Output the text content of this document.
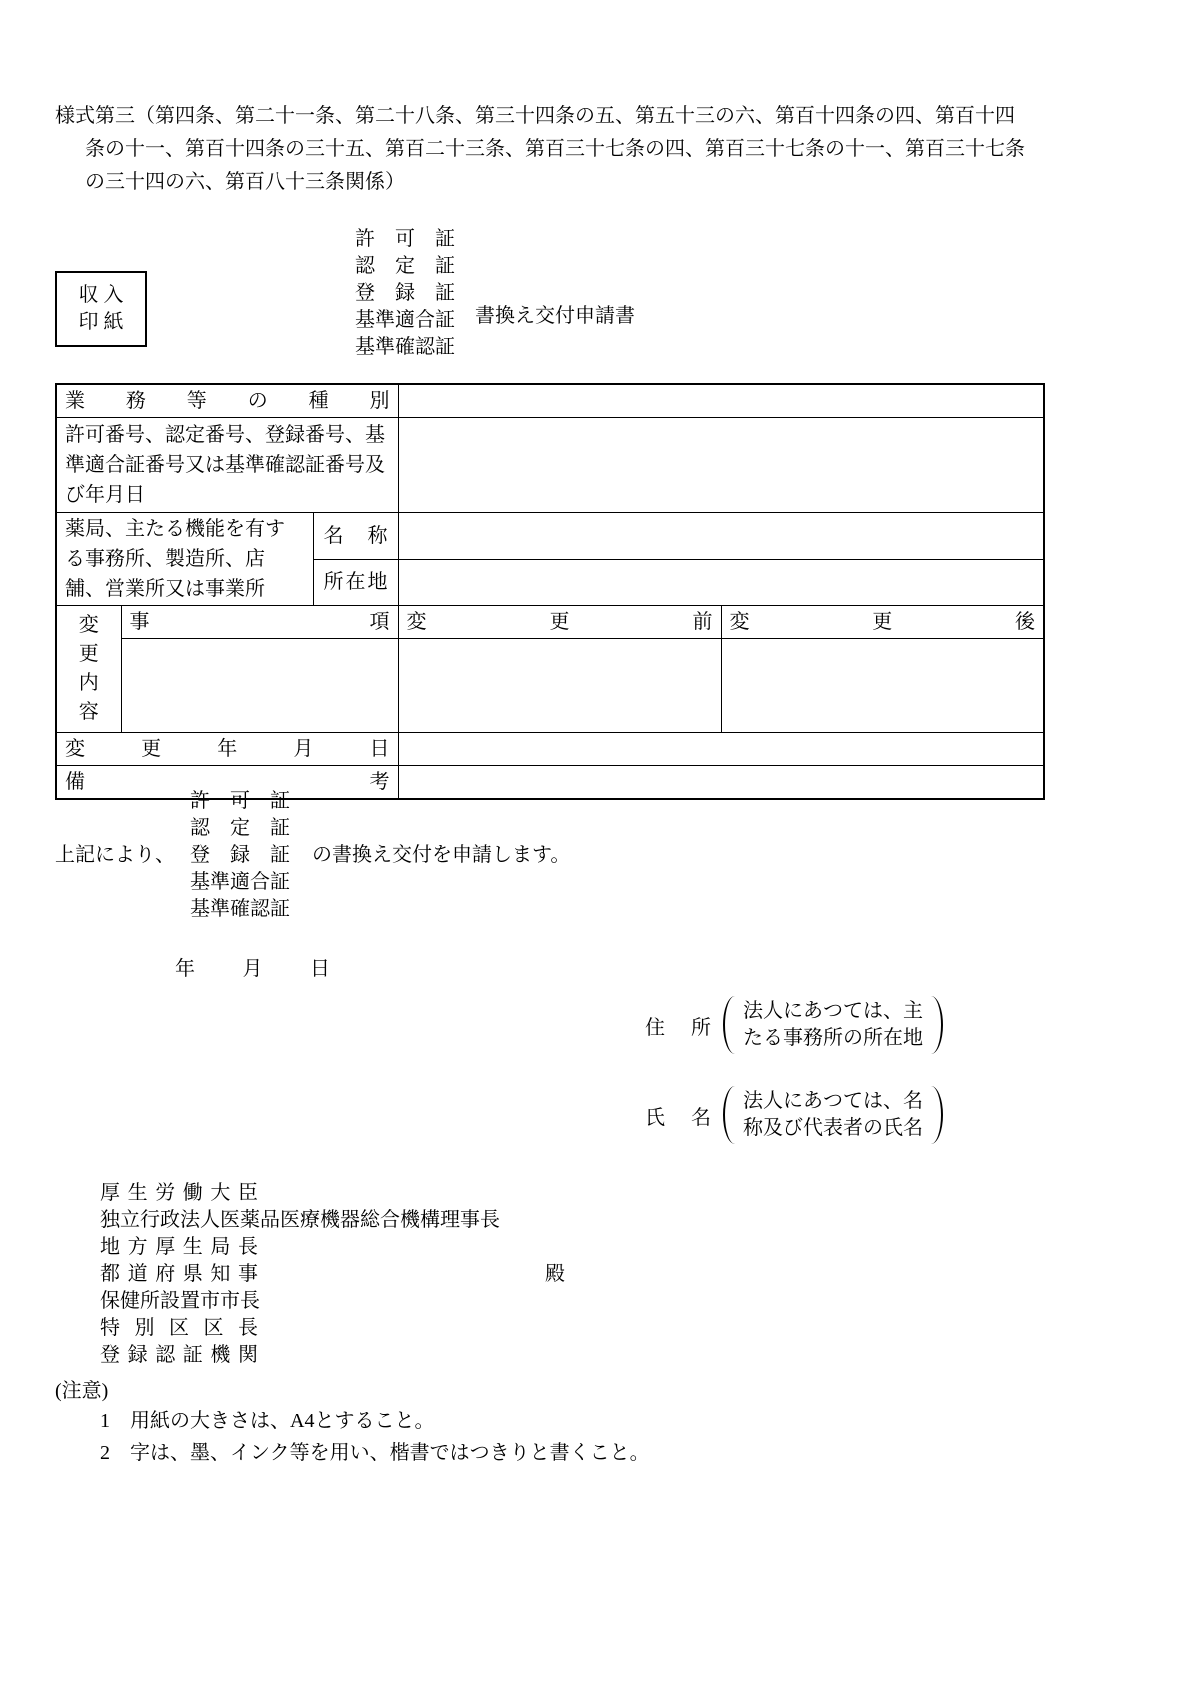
様式第三（第四条、第二十一条、第二十八条、第三十四条の五、第五十三の六、第百十四条の四、第百十四
条の十一、第百十四条の三十五、第百二十三条、第百三十七条の四、第百三十七条の十一、第百三十七条
の三十四の六、第百八十三条関係）
収 入
印 紙
許可証
認定証
登録証
基準適合証
基準確認証
書換え交付申請書
業務等の種別				
許可番号、認定番号、登録番号、基準適合証番号又は基準確認証番号及び年月日				
薬局、主たる機能を有する事務所、製造所、店舗、営業所又は事業所		名称		
		所在地		

変更内容	事項		変更前	変更後

変更年月日				
備考				
上記により、
許可証
認定証
登録証
基準適合証
基準確認証
の書換え交付を申請します。
年月日
住所
法人にあつては、主
たる事務所の所在地
氏名
法人にあつては、名
称及び代表者の氏名
厚生労働大臣
独立行政法人医薬品医療機器総合機構理事長
地方厚生局長
都道府県知事
保健所設置市市長
特別区区長
登録認証機関
殿
(注意)
1　用紙の大きさは、A4とすること。
2　字は、墨、インク等を用い、楷書ではつきりと書くこと。
